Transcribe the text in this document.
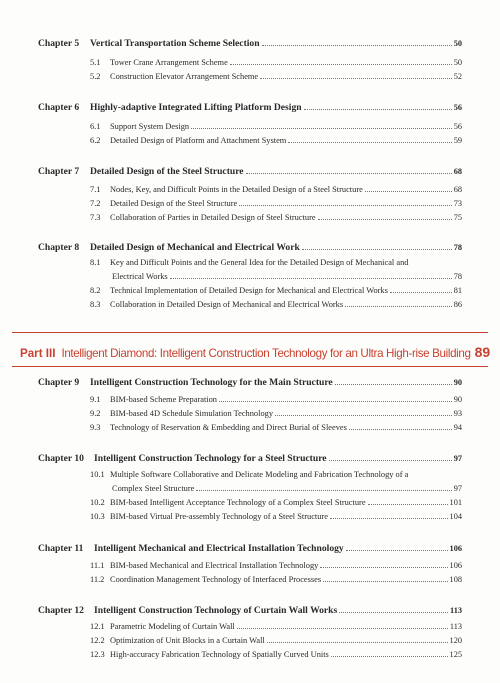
Chapter 5 Vertical Transportation Scheme Selection	50
5.1 Tower Crane Arrangement Scheme	50
5.2 Construction Elevator Arrangement Scheme	52
Chapter 6 Highly-adaptive Integrated Lifting Platform Design	56
6.1 Support System Design	56
6.2 Detailed Design of Platform and Attachment System	59
Chapter 7 Detailed Design of the Steel Structure	68
7.1 Nodes, Key, and Difficult Points in the Detailed Design of a Steel Structure	68
7.2 Detailed Design of the Steel Structure	73
7.3 Collaboration of Parties in Detailed Design of Steel Structure	75
Chapter 8 Detailed Design of Mechanical and Electrical Work	78
8.1 Key and Difficult Points and the General Idea for the Detailed Design of Mechanical and
Electrical Works	78
8.2 Technical Implementation of Detailed Design for Mechanical and Electrical Works	81
8.3 Collaboration in Detailed Design of Mechanical and Electrical Works	86
Part III Intelligent Diamond: Intelligent Construction Technology for an Ultra High-rise Building 89
Chapter 9 Intelligent Construction Technology for the Main Structure	90
9.1 BIM-based Scheme Preparation	90
9.2 BIM-based 4D Schedule Simulation Technology	93
9.3 Technology of Reservation & Embedding and Direct Burial of Sleeves	94
Chapter 10 Intelligent Construction Technology for a Steel Structure	97
10.1 Multiple Software Collaborative and Delicate Modeling and Fabrication Technology of a
Complex Steel Structure	97
10.2 BIM-based Intelligent Acceptance Technology of a Complex Steel Structure	101
10.3 BIM-based Virtual Pre-assembly Technology of a Steel Structure	104
Chapter 11 Intelligent Mechanical and Electrical Installation Technology	106
11.1 BIM-based Mechanical and Electrical Installation Technology	106
11.2 Coordination Management Technology of Interfaced Processes	108
Chapter 12 Intelligent Construction Technology of Curtain Wall Works	113
12.1 Parametric Modeling of Curtain Wall	113
12.2 Optimization of Unit Blocks in a Curtain Wall	120
12.3 High-accuracy Fabrication Technology of Spatially Curved Units	125
